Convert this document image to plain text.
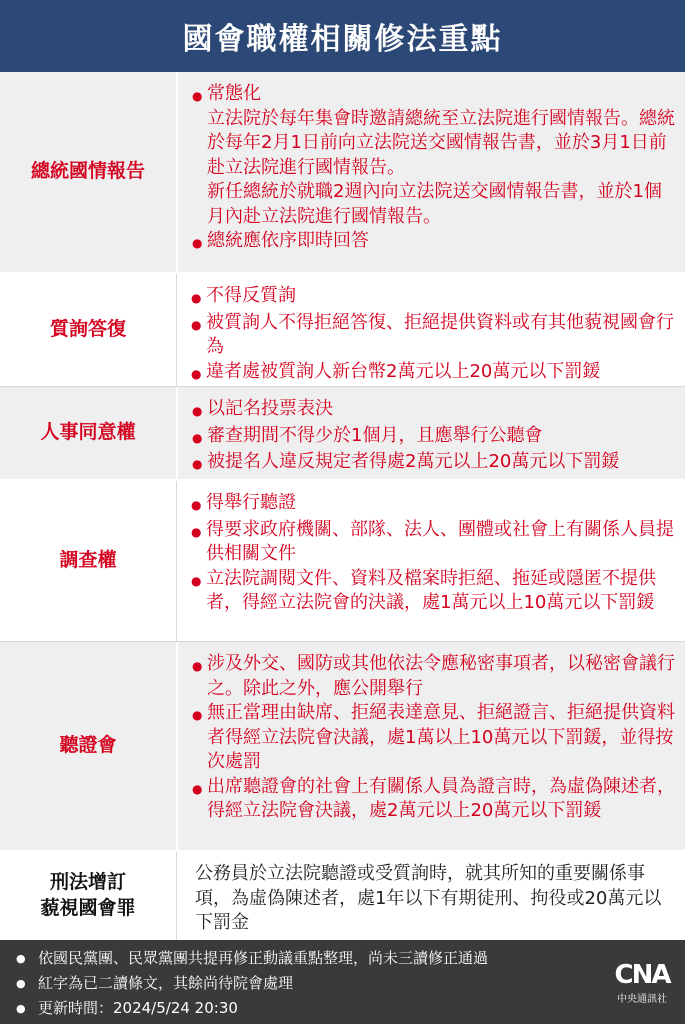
國會職權相關修法重點
總統國情報告
● 常態化
立法院於每年集會時邀請總統至立法院進行國情報告。總統於每年2月1日前向立法院送交國情報告書，並於3月1日前赴立法院進行國情報告。
新任總統於就職2週內向立法院送交國情報告書，並於1個月內赴立法院進行國情報告。
● 總統應依序即時回答
質詢答復
● 不得反質詢
● 被質詢人不得拒絕答復、拒絕提供資料或有其他藐視國會行為
● 違者處被質詢人新台幣2萬元以上20萬元以下罰鍰
人事同意權
● 以記名投票表決
● 審查期間不得少於1個月，且應舉行公聽會
● 被提名人違反規定者得處2萬元以上20萬元以下罰鍰
調查權
● 得舉行聽證
● 得要求政府機關、部隊、法人、團體或社會上有關係人員提供相關文件
● 立法院調閱文件、資料及檔案時拒絕、拖延或隱匿不提供者，得經立法院會的決議，處1萬元以上10萬元以下罰鍰
聽證會
● 涉及外交、國防或其他依法令應秘密事項者，以秘密會議行之。除此之外，應公開舉行
● 無正當理由缺席、拒絕表達意見、拒絕證言、拒絕提供資料者得經立法院會決議，處1萬以上10萬元以下罰鍰，並得按次處罰
● 出席聽證會的社會上有關係人員為證言時，為虛偽陳述者，得經立法院會決議，處2萬元以上20萬元以下罰鍰
刑法增訂
藐視國會罪
公務員於立法院聽證或受質詢時，就其所知的重要關係事項，為虛偽陳述者，處1年以下有期徒刑、拘役或20萬元以下罰金
● 依國民黨團、民眾黨團共提再修正動議重點整理，尚未三讀修正通過
● 紅字為已二讀條文，其餘尚待院會處理
● 更新時間：2024/5/24 20:30
CNA
中央通訊社
